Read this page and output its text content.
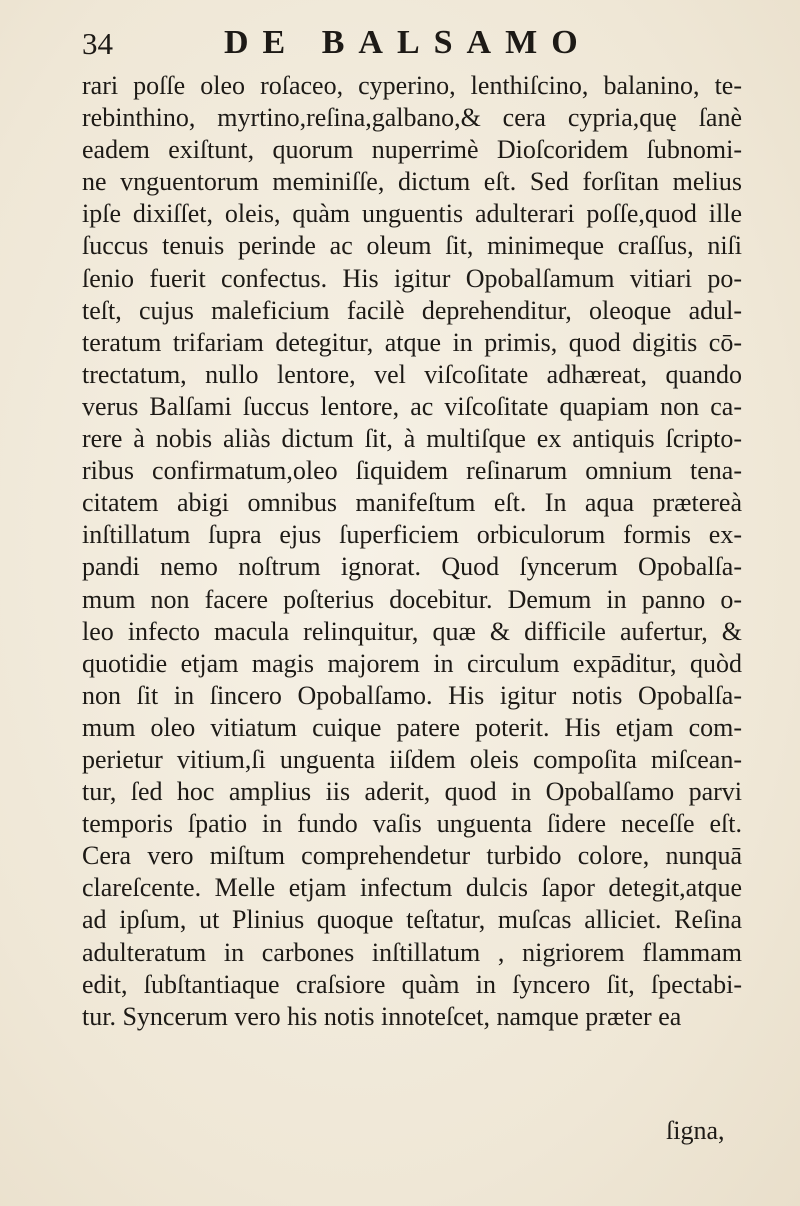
34	DE BALSAMO
rari poſſe oleo roſaceo, cyperino, lenthiſcino, balanino, te-
rebinthino, myrtino,reſina,galbano,& cera cypria,quę ſanè
eadem exiſtunt, quorum nuperrimè Dioſcoridem ſubnomi-
ne vnguentorum meminiſſe, dictum eſt. Sed forſitan melius
ipſe dixiſſet, oleis, quàm unguentis adulterari poſſe,quod ille
ſuccus tenuis perinde ac oleum ſit, minimeque craſſus, niſi
ſenio fuerit confectus. His igitur Opobalſamum vitiari po-
teſt, cujus maleficium facilè deprehenditur, oleoque adul-
teratum trifariam detegitur, atque in primis, quod digitis cō-
trectatum, nullo lentore, vel viſcoſitate adhæreat, quando
verus Balſami ſuccus lentore, ac viſcoſitate quapiam non ca-
rere à nobis aliàs dictum ſit, à multiſque ex antiquis ſcripto-
ribus confirmatum,oleo ſiquidem reſinarum omnium tena-
citatem abigi omnibus manifeſtum eſt. In aqua prætereà
inſtillatum ſupra ejus ſuperficiem orbiculorum formis ex-
pandi nemo noſtrum ignorat. Quod ſyncerum Opobalſa-
mum non facere poſterius docebitur. Demum in panno o-
leo infecto macula relinquitur, quæ & difficile aufertur, &
quotidie etjam magis majorem in circulum expāditur, quòd
non ſit in ſincero Opobalſamo. His igitur notis Opobalſa-
mum oleo vitiatum cuique patere poterit. His etjam com-
perietur vitium,ſi unguenta iiſdem oleis compoſita miſcean-
tur, ſed hoc amplius iis aderit, quod in Opobalſamo parvi
temporis ſpatio in fundo vaſis unguenta ſidere neceſſe eſt.
Cera vero miſtum comprehendetur turbido colore, nunquā
clareſcente. Melle etjam infectum dulcis ſapor detegit,atque
ad ipſum, ut Plinius quoque teſtatur, muſcas alliciet. Reſina
adulteratum in carbones inſtillatum , nigriorem flammam
edit, ſubſtantiaque craſsiore quàm in ſyncero ſit, ſpectabi-
tur. Syncerum vero his notis innoteſcet, namque præter ea
ſigna,
